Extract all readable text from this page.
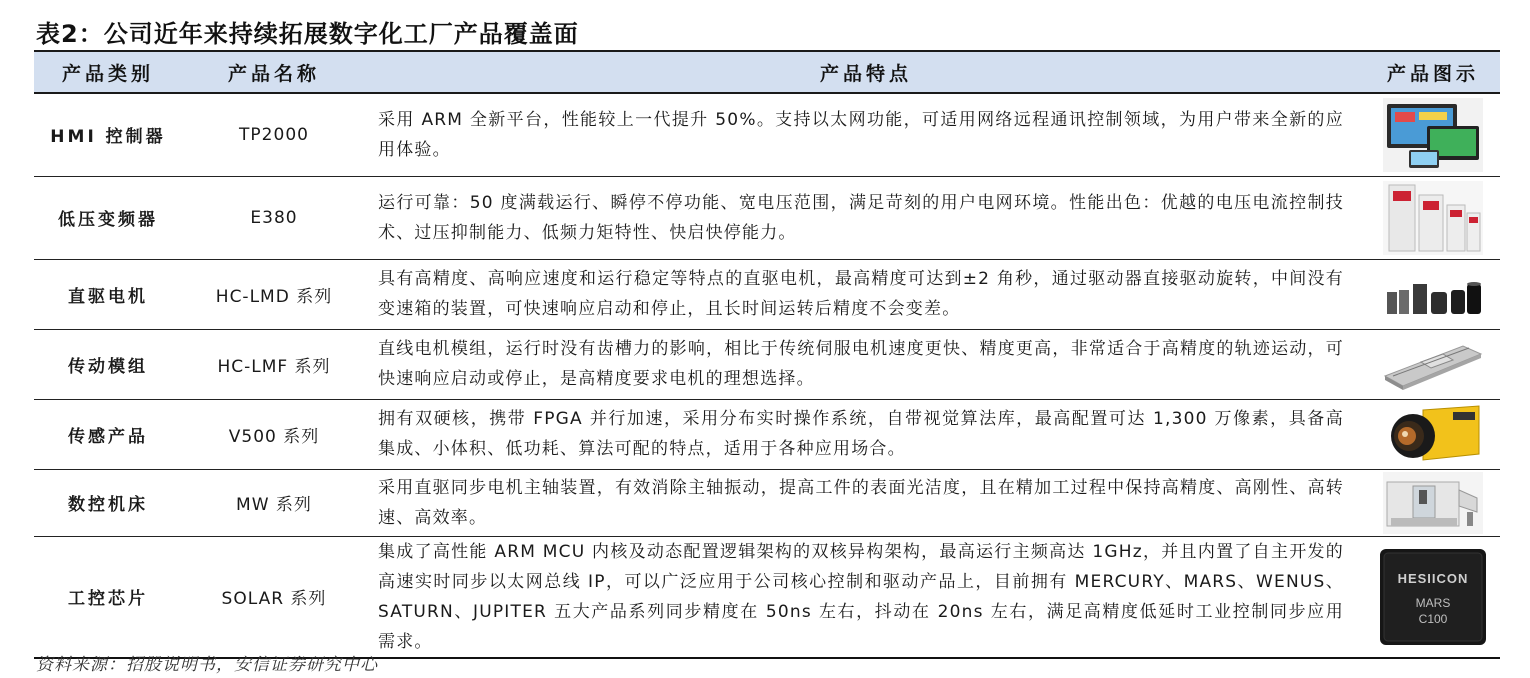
表2：公司近年来持续拓展数字化工厂产品覆盖面
产品类别	产品名称	产品特点	产品图示
HMI 控制器	TP2000	采用 ARM 全新平台，性能较上一代提升 50%。支持以太网功能，可适用网络远程通讯控制领域，为用户带来全新的应用体验。	

低压变频器	E380	运行可靠：50 度满载运行、瞬停不停功能、宽电压范围，满足苛刻的用户电网环境。性能出色：优越的电压电流控制技术、过压抑制能力、低频力矩特性、快启快停能力。	

直驱电机	HC-LMD 系列	具有高精度、高响应速度和运行稳定等特点的直驱电机，最高精度可达到±2 角秒，通过驱动器直接驱动旋转，中间没有变速箱的装置，可快速响应启动和停止，且长时间运转后精度不会变差。	

传动模组	HC-LMF 系列	直线电机模组，运行时没有齿槽力的影响，相比于传统伺服电机速度更快、精度更高，非常适合于高精度的轨迹运动，可快速响应启动或停止，是高精度要求电机的理想选择。	

传感产品	V500 系列	拥有双硬核，携带 FPGA 并行加速，采用分布实时操作系统，自带视觉算法库，最高配置可达 1,300 万像素，具备高集成、小体积、低功耗、算法可配的特点，适用于各种应用场合。	

数控机床	MW 系列	采用直驱同步电机主轴装置，有效消除主轴振动，提高工件的表面光洁度，且在精加工过程中保持高精度、高刚性、高转速、高效率。	

工控芯片	SOLAR 系列	集成了高性能 ARM MCU 内核及动态配置逻辑架构的双核异构架构，最高运行主频高达 1GHz，并且内置了自主开发的高速实时同步以太网总线 IP，可以广泛应用于公司核心控制和驱动产品上，目前拥有 MERCURY、MARS、WENUS、SATURN、JUPITER 五大产品系列同步精度在 50ns 左右，抖动在 20ns 左右，满足高精度低延时工业控制同步应用需求。	HESIICON
MARS
C100
资料来源：招股说明书，安信证券研究中心
